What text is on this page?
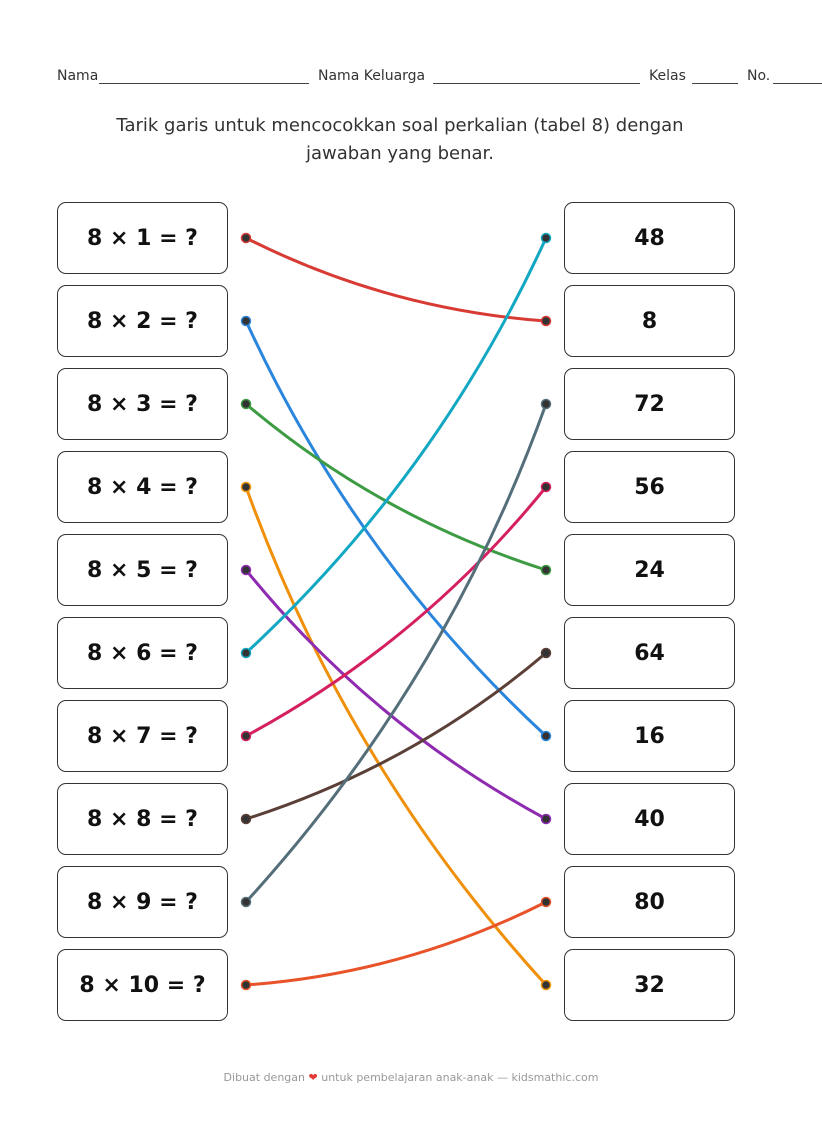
Nama	Nama Keluarga	Kelas	No.
Tarik garis untuk mencocokkan soal perkalian (tabel 8) dengan
jawaban yang benar.
8 × 1 = ?
8 × 2 = ?
8 × 3 = ?
8 × 4 = ?
8 × 5 = ?
8 × 6 = ?
8 × 7 = ?
8 × 8 = ?
8 × 9 = ?
8 × 10 = ?
48
8
72
56
24
64
16
40
80
32
Dibuat dengan ❤ untuk pembelajaran anak-anak — kidsmathic.com
